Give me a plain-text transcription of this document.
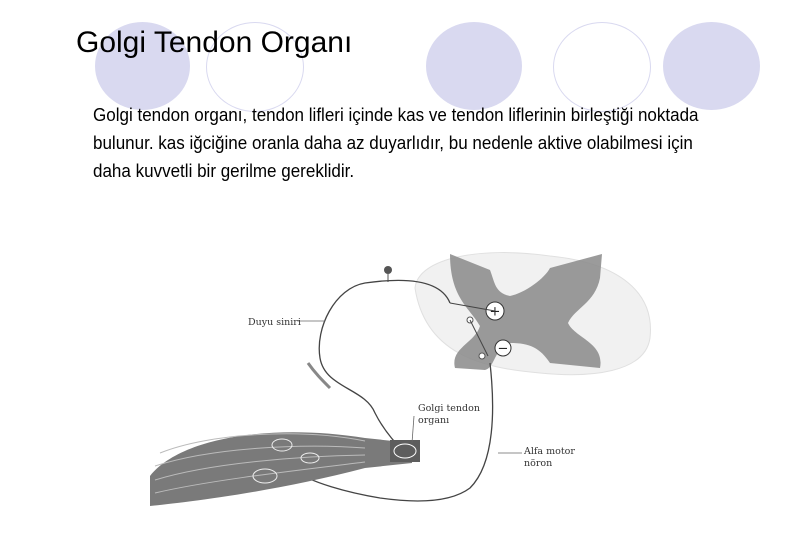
Golgi Tendon Organı
Golgi tendon organı, tendon lifleri içinde kas ve tendon liflerinin birleştiği noktada bulunur. kas iğciğine oranla daha az duyarlıdır, bu nedenle aktive olabilmesi için daha kuvvetli bir gerilme gereklidir.
+
−
Duyu siniri
Golgi tendon
organı
Alfa motor
nöron
